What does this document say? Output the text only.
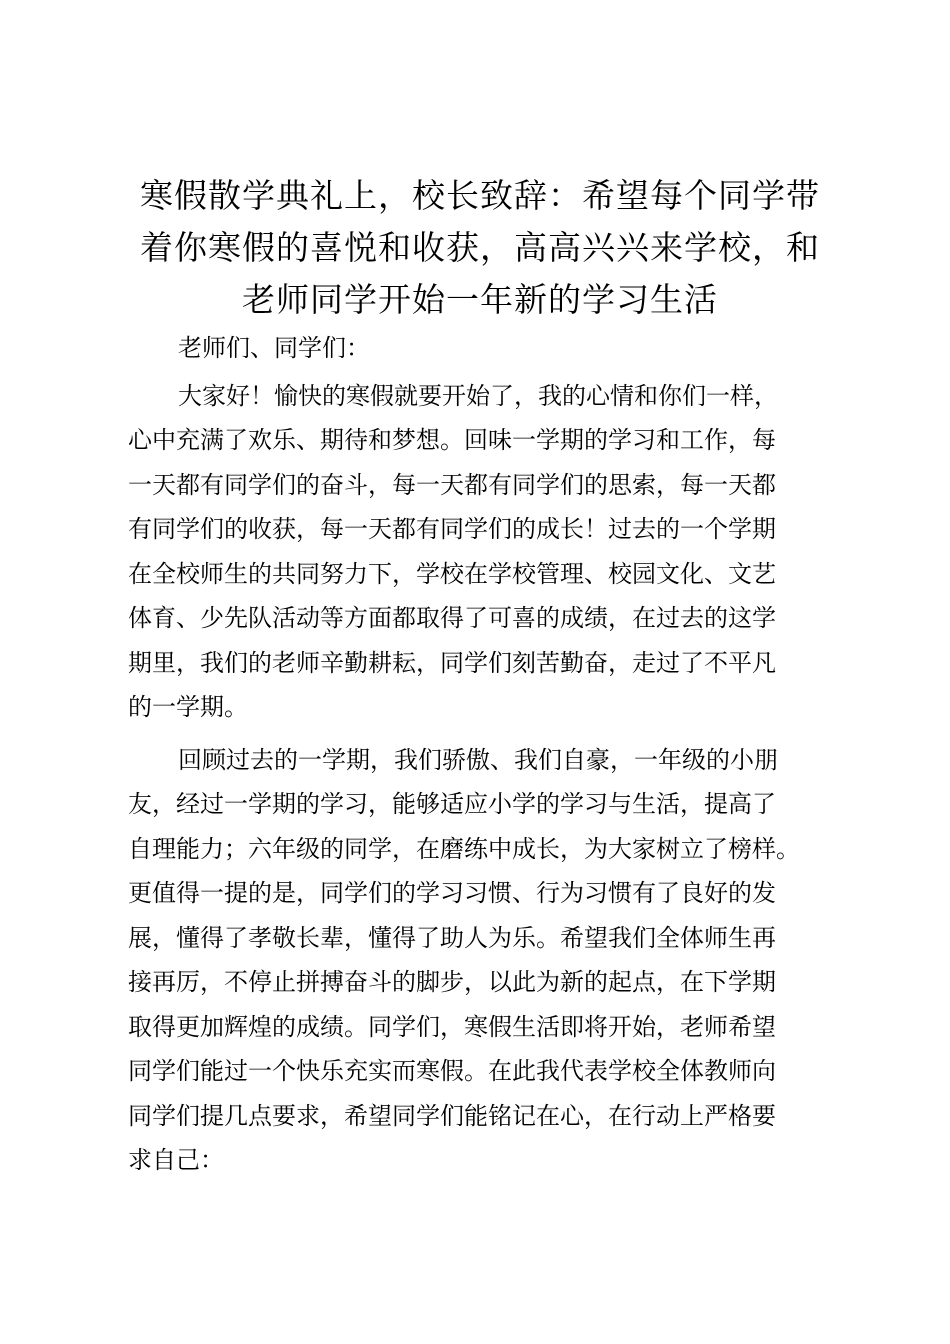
寒假散学典礼上，校长致辞：希望每个同学带
着你寒假的喜悦和收获，高高兴兴来学校，和
老师同学开始一年新的学习生活

老师们、同学们：

大家好！愉快的寒假就要开始了，我的心情和你们一样，
心中充满了欢乐、期待和梦想。回味一学期的学习和工作，每
一天都有同学们的奋斗，每一天都有同学们的思索，每一天都
有同学们的收获，每一天都有同学们的成长！过去的一个学期
在全校师生的共同努力下，学校在学校管理、校园文化、文艺
体育、少先队活动等方面都取得了可喜的成绩，在过去的这学
期里，我们的老师辛勤耕耘，同学们刻苦勤奋，走过了不平凡
的一学期。

回顾过去的一学期，我们骄傲、我们自豪，一年级的小朋
友，经过一学期的学习，能够适应小学的学习与生活，提高了
自理能力；六年级的同学，在磨练中成长，为大家树立了榜样。
更值得一提的是，同学们的学习习惯、行为习惯有了良好的发
展，懂得了孝敬长辈，懂得了助人为乐。希望我们全体师生再
接再厉，不停止拼搏奋斗的脚步，以此为新的起点，在下学期
取得更加辉煌的成绩。同学们，寒假生活即将开始，老师希望
同学们能过一个快乐充实而寒假。在此我代表学校全体教师向
同学们提几点要求，希望同学们能铭记在心，在行动上严格要
求自己：
